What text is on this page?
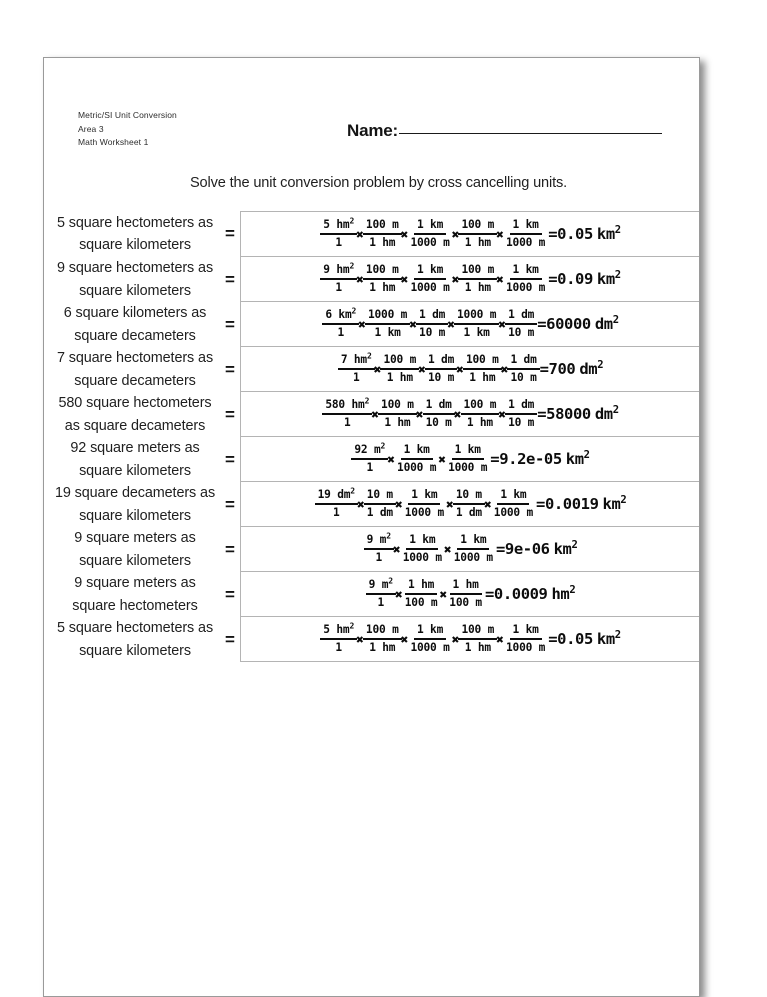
Metric/SI Unit Conversion
Area 3
Math Worksheet 1
Name:
Solve the unit conversion problem by cross cancelling units.
5 square hectometers as square kilometers
=	$\frac{5 hm^2}{1}$ ✖ $\frac{100 m}{1 hm}$ ✖ $\frac{1 km}{1000 m}$ ✖ $\frac{100 m}{1 hm}$ ✖ $\frac{1 km}{1000 m} =0.05$ $km^2$
9 square hectometers as square kilometers
=	$\frac{9 hm^2}{1}$ ✖ $\frac{100 m}{1 hm}$ ✖ $\frac{1 km}{1000 m}$ ✖ $\frac{100 m}{1 hm}$ ✖ $\frac{1 km}{1000 m} =0.09$ $km^2$
6 square kilometers as square decameters
=	$\frac{6 km^2}{1}$ ✖ $\frac{1000 m}{1 km}$ ✖ $\frac{1 dm}{10 m}$ ✖ $\frac{1000 m}{1 km}$ ✖ $\frac{1 dm}{10 m} =60000$ $dm^2$
7 square hectometers as square decameters
=	$\frac{7 hm^2}{1}$ ✖ $\frac{100 m}{1 hm}$ ✖ $\frac{1 dm}{10 m}$ ✖ $\frac{100 m}{1 hm}$ ✖ $\frac{1 dm}{10 m} =700$ $dm^2$
580 square hectometers as square decameters
=	$\frac{580 hm^2}{1}$ ✖ $\frac{100 m}{1 hm}$ ✖ $\frac{1 dm}{10 m}$ ✖ $\frac{100 m}{1 hm}$ ✖ $\frac{1 dm}{10 m} =58000$ $dm^2$
92 square meters as square kilometers
=	$\frac{92 m^2}{1}$ ✖ $\frac{1 km}{1000 m}$ ✖ $\frac{1 km}{1000 m} =9.2e-05$ $km^2$
19 square decameters as square kilometers
=	$\frac{19 dm^2}{1}$ ✖ $\frac{10 m}{1 dm}$ ✖ $\frac{1 km}{1000 m}$ ✖ $\frac{10 m}{1 dm}$ ✖ $\frac{1 km}{1000 m} =0.0019$ $km^2$
9 square meters as square kilometers
=	$\frac{9 m^2}{1}$ ✖ $\frac{1 km}{1000 m}$ ✖ $\frac{1 km}{1000 m} =9e-06$ $km^2$
9 square meters as square hectometers
=	$\frac{9 m^2}{1}$ ✖ $\frac{1 hm}{100 m}$ ✖ $\frac{1 hm}{100 m} =0.0009$ $hm^2$
5 square hectometers as square kilometers
=	$\frac{5 hm^2}{1}$ ✖ $\frac{100 m}{1 hm}$ ✖ $\frac{1 km}{1000 m}$ ✖ $\frac{100 m}{1 hm}$ ✖ $\frac{1 km}{1000 m} =0.05$ $km^2$
